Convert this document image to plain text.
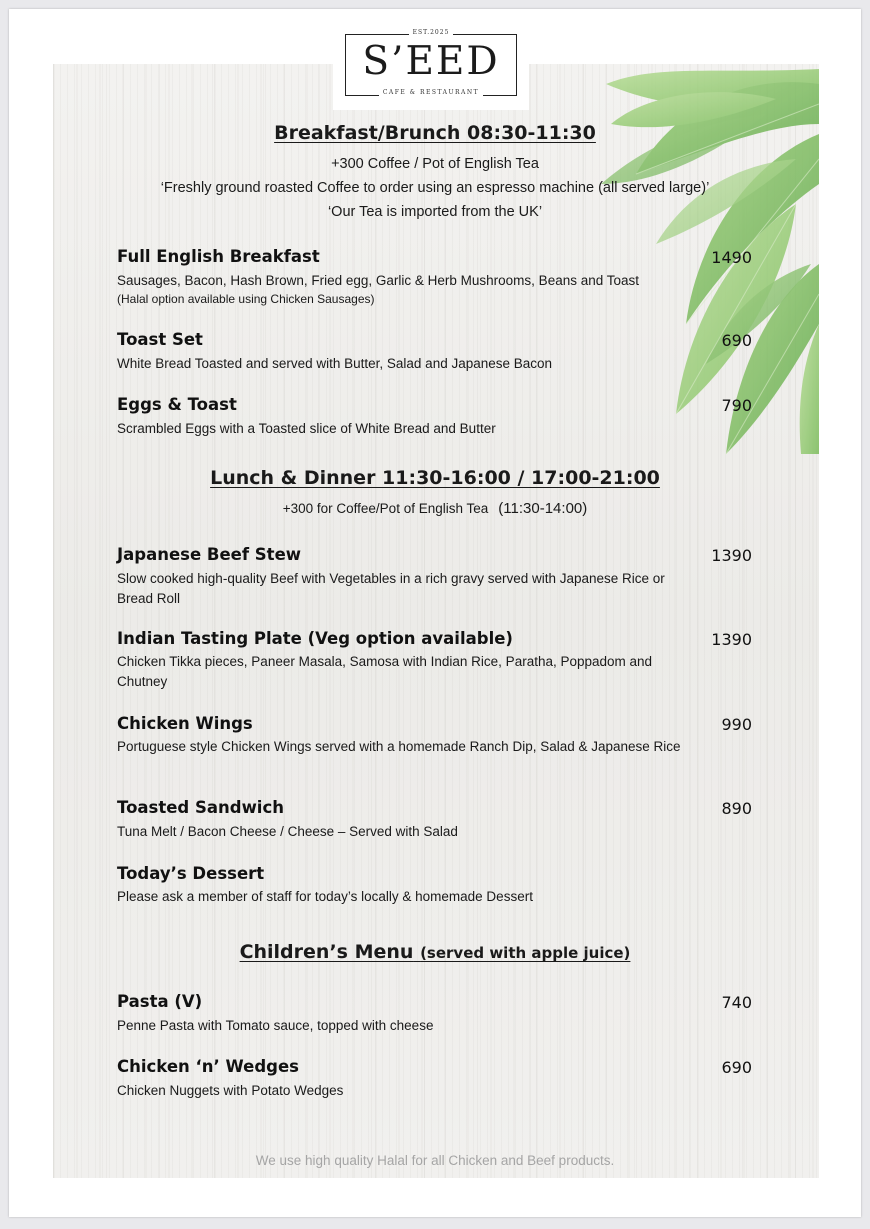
EST.2025
S’EED
CAFE & RESTAURANT
Breakfast/Brunch 08:30-11:30
+300 Coffee / Pot of English Tea
‘Freshly ground roasted Coffee to order using an espresso machine (all served large)’
‘Our Tea is imported from the UK’
Full English Breakfast	1490
Sausages, Bacon, Hash Brown, Fried egg, Garlic & Herb Mushrooms, Beans and Toast
(Halal option available using Chicken Sausages)
Toast Set	690
White Bread Toasted and served with Butter, Salad and Japanese Bacon
Eggs & Toast	790
Scrambled Eggs with a Toasted slice of White Bread and Butter
Lunch & Dinner 11:30-16:00 / 17:00-21:00
+300 for Coffee/Pot of English Tea (11:30-14:00)
Japanese Beef Stew	1390
Slow cooked high-quality Beef with Vegetables in a rich gravy served with Japanese Rice or Bread Roll
Indian Tasting Plate (Veg option available)	1390
Chicken Tikka pieces, Paneer Masala, Samosa with Indian Rice, Paratha, Poppadom and Chutney
Chicken Wings	990
Portuguese style Chicken Wings served with a homemade Ranch Dip, Salad & Japanese Rice
Toasted Sandwich	890
Tuna Melt / Bacon Cheese / Cheese – Served with Salad
Today’s Dessert
Please ask a member of staff for today’s locally & homemade Dessert
Children’s Menu (served with apple juice)
Pasta (V)	740
Penne Pasta with Tomato sauce, topped with cheese
Chicken ‘n’ Wedges	690
Chicken Nuggets with Potato Wedges
We use high quality Halal for all Chicken and Beef products.
